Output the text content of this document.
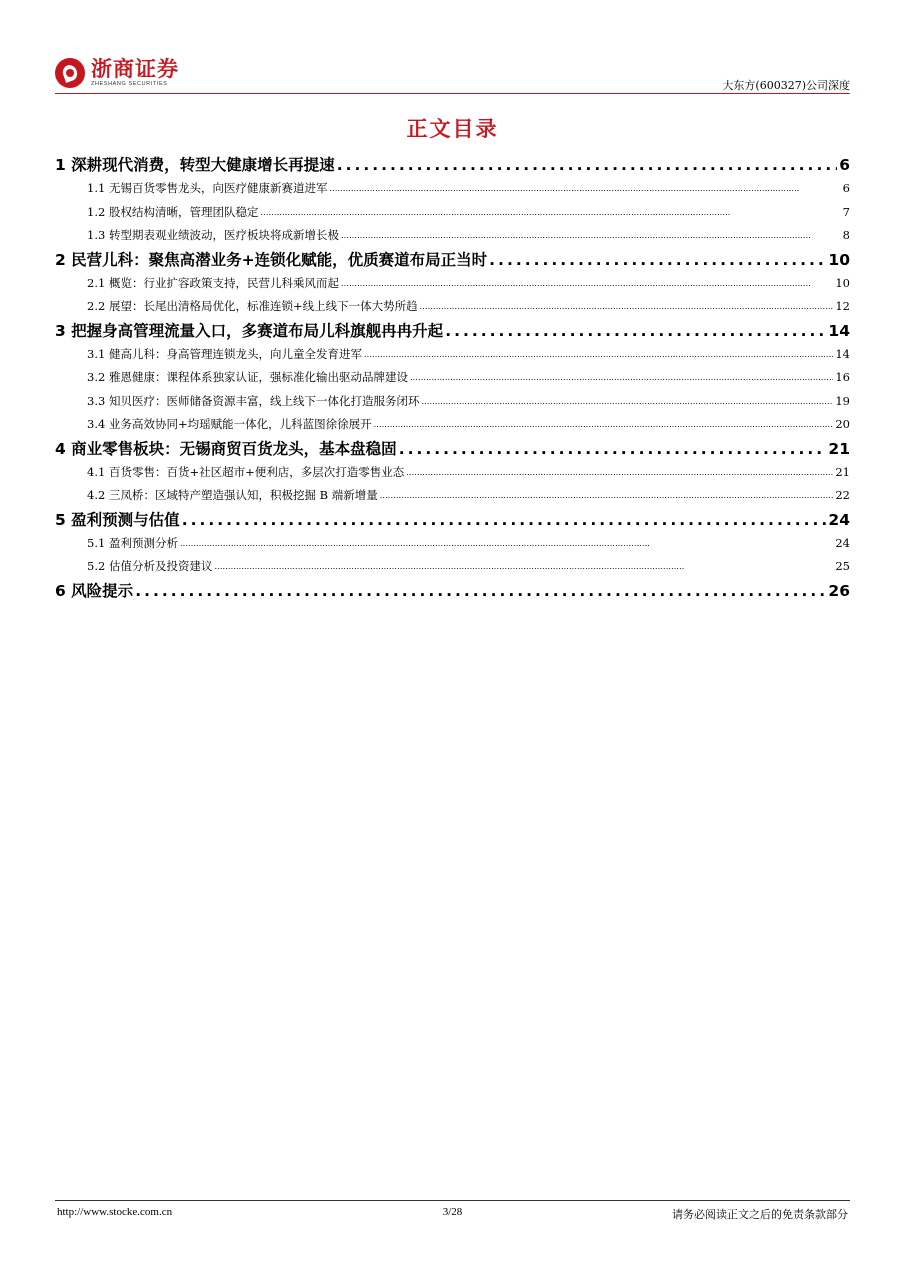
浙商证券
ZHESHANG SECURITIES	大东方(600327)公司深度
正文目录
1 深耕现代消费，转型大健康增长再提速 . . .	6
1.1 无锡百货零售龙头，向医疗健康新赛道进军 . . .	6
1.2 股权结构清晰，管理团队稳定 . . .	7
1.3 转型期表观业绩波动，医疗板块将成新增长极 . . .	8
2 民营儿科：聚焦高潜业务+连锁化赋能，优质赛道布局正当时 . . .	10
2.1 概览：行业扩容政策支持，民营儿科乘风而起 . . .	10
2.2 展望：长尾出清格局优化，标准连锁+线上线下一体大势所趋 . . .	12
3 把握身高管理流量入口，多赛道布局儿科旗舰冉冉升起 . . .	14
3.1 健高儿科：身高管理连锁龙头，向儿童全发育进军 . . .	14
3.2 雅恩健康：课程体系独家认证，强标准化输出驱动品牌建设 . . .	16
3.3 知贝医疗：医师储备资源丰富，线上线下一体化打造服务闭环 . . .	19
3.4 业务高效协同+均瑶赋能一体化，儿科蓝图徐徐展开 . . .	20
4 商业零售板块：无锡商贸百货龙头，基本盘稳固 . . .	21
4.1 百货零售：百货+社区超市+便利店，多层次打造零售业态 . . .	21
4.2 三凤桥：区域特产塑造强认知，积极挖掘 B 端新增量 . . .	22
5 盈利预测与估值 . . .	24
5.1 盈利预测分析 . . .	24
5.2 估值分析及投资建议 . . .	25
6 风险提示 . . .	26
http://www.stocke.com.cn	3/28	请务必阅读正文之后的免责条款部分
